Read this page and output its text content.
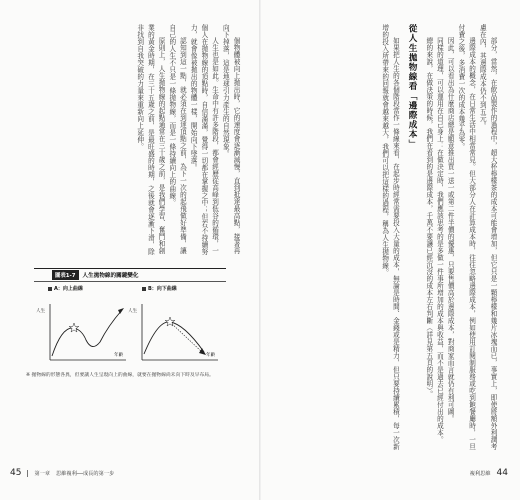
部分，當然，在飲品製作的過程中，超大杯檸檬茶的成本可能會增加，但它只是一顆檸檬和幾片冰塊而已，事實上，即使將額外利潤考慮在內，其邊際成本仍不到五元。

邊際成本的概念，在日常生活中相當常見。但大部分人在計算成本時，往往忽略邊際成本，例如使用訂閱制服務或吃到飽餐廳時，一旦付費之後，多消費一次的成本幾乎為零。

因此，可以看出為什麼商店總是願意推出買一送一或第二件半價的優惠，只要售價高於邊際成本，對商家而言就仍有利可圖。

同樣的道理，可以運用在自己身上：在做決定時，我們應該思考的是多做一件事所增加的成本與收益，而不是過去已經付出的成本。

總的來說，在做決策的時候，我們在看到的是邊際成本，千萬不要讓已經沉沒的成本左右判斷（詳見第五頁的說明）。

從人生拋物線看「邊際成本」

如果把人生的各個階段當作一條線來看，在起步時經常需要投入大量的成本，無論是時間、金錢或是精力，但只要持續累積，每一次新增的投入所帶來的回報就會越來越大，我們可以把這樣的過程，稱為人生拋物線。

複利思維 44

個物體被向上拋出時，它的速度會逐漸減慢，直到抵達最高點，接著再向下掉落，這是地球引力產生的自然現象。

人生也是如此。生命中有許多階段，都會經歷從高峰到低谷的循環，一個人在拋物線的頂點時，自信滿滿，覺得一切都在掌握之中；但若不持續努力，就會像被拋出的物體一樣，開始向下墜落。

認知到這一點，就必須在到達頂點之前，為下一次的起飛做好準備，讓自己的人生不只是一條拋物線，而是一條持續向上的曲線。

原則上，人生拋物線的起點通常在三十歲之前，是我們學習、奮鬥和創業的黃金時期，在三十五歲之前，是最旺盛的時期，之後就會逐漸下滑，除非找到自我突破的力量來重新向上延伸。

圖表1-7	人生拋物線的關鍵變化
A：向上曲線	B：向下曲線
人生
年齡
人生
年齡
※ 拋物線的形態各異，但要讓人生呈現向上的曲線，就要在拋物線尚未向下時及早布局。
45	第一章 思維複利──成長的第一步
